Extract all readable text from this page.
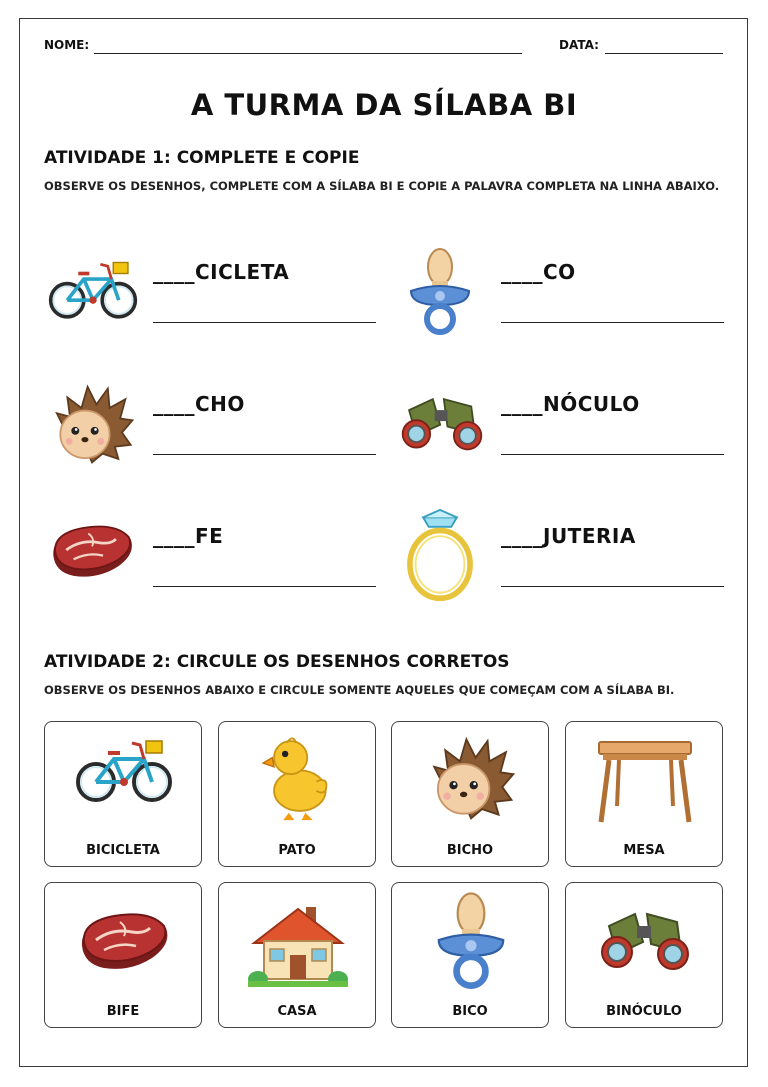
NOME:	DATA:
A TURMA DA SÍLABA BI
ATIVIDADE 1: COMPLETE E COPIE
OBSERVE OS DESENHOS, COMPLETE COM A SÍLABA BI E COPIE A PALAVRA COMPLETA NA LINHA ABAIXO.
____CICLETA	____CO
____CHO	____NÓCULO
____FE	____JUTERIA
ATIVIDADE 2: CIRCULE OS DESENHOS CORRETOS
OBSERVE OS DESENHOS ABAIXO E CIRCULE SOMENTE AQUELES QUE COMEÇAM COM A SÍLABA BI.
BICICLETA	PATO	BICHO	MESA
BIFE	CASA	BICO	BINÓCULO
